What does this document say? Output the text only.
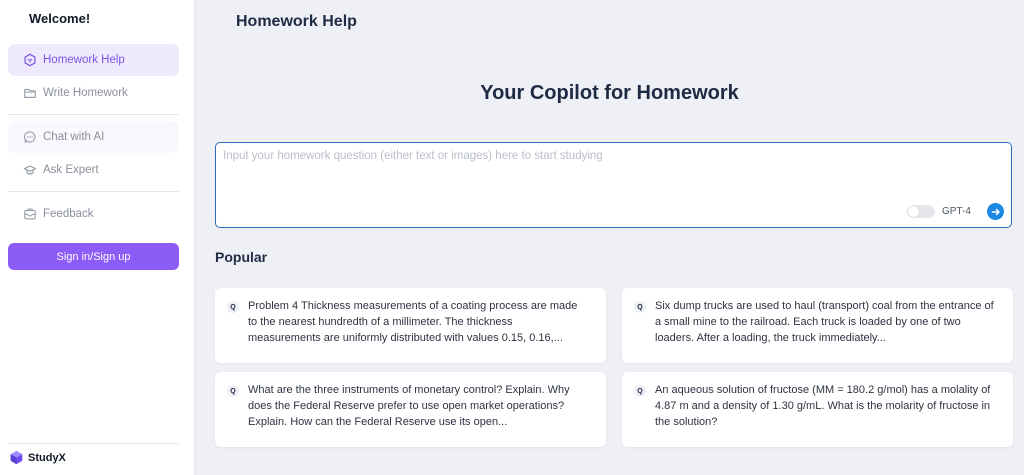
Welcome!
Homework Help
Write Homework
Chat with AI
Ask Expert
Feedback
Sign in/Sign up
StudyX
Homework Help
Your Copilot for Homework
Input your homework question (either text or images) here to start studying
GPT-4
Popular
Q Problem 4 Thickness measurements of a coating process are made to the nearest hundredth of a millimeter. The thickness measurements are uniformly distributed with values 0.15, 0.16,...
Q Six dump trucks are used to haul (transport) coal from the entrance of a small mine to the railroad. Each truck is loaded by one of two loaders. After a loading, the truck immediately...
Q What are the three instruments of monetary control? Explain. Why does the Federal Reserve prefer to use open market operations? Explain. How can the Federal Reserve use its open...
Q An aqueous solution of fructose (MM = 180.2 g/mol) has a molality of 4.87 m and a density of 1.30 g/mL. What is the molarity of fructose in the solution?
